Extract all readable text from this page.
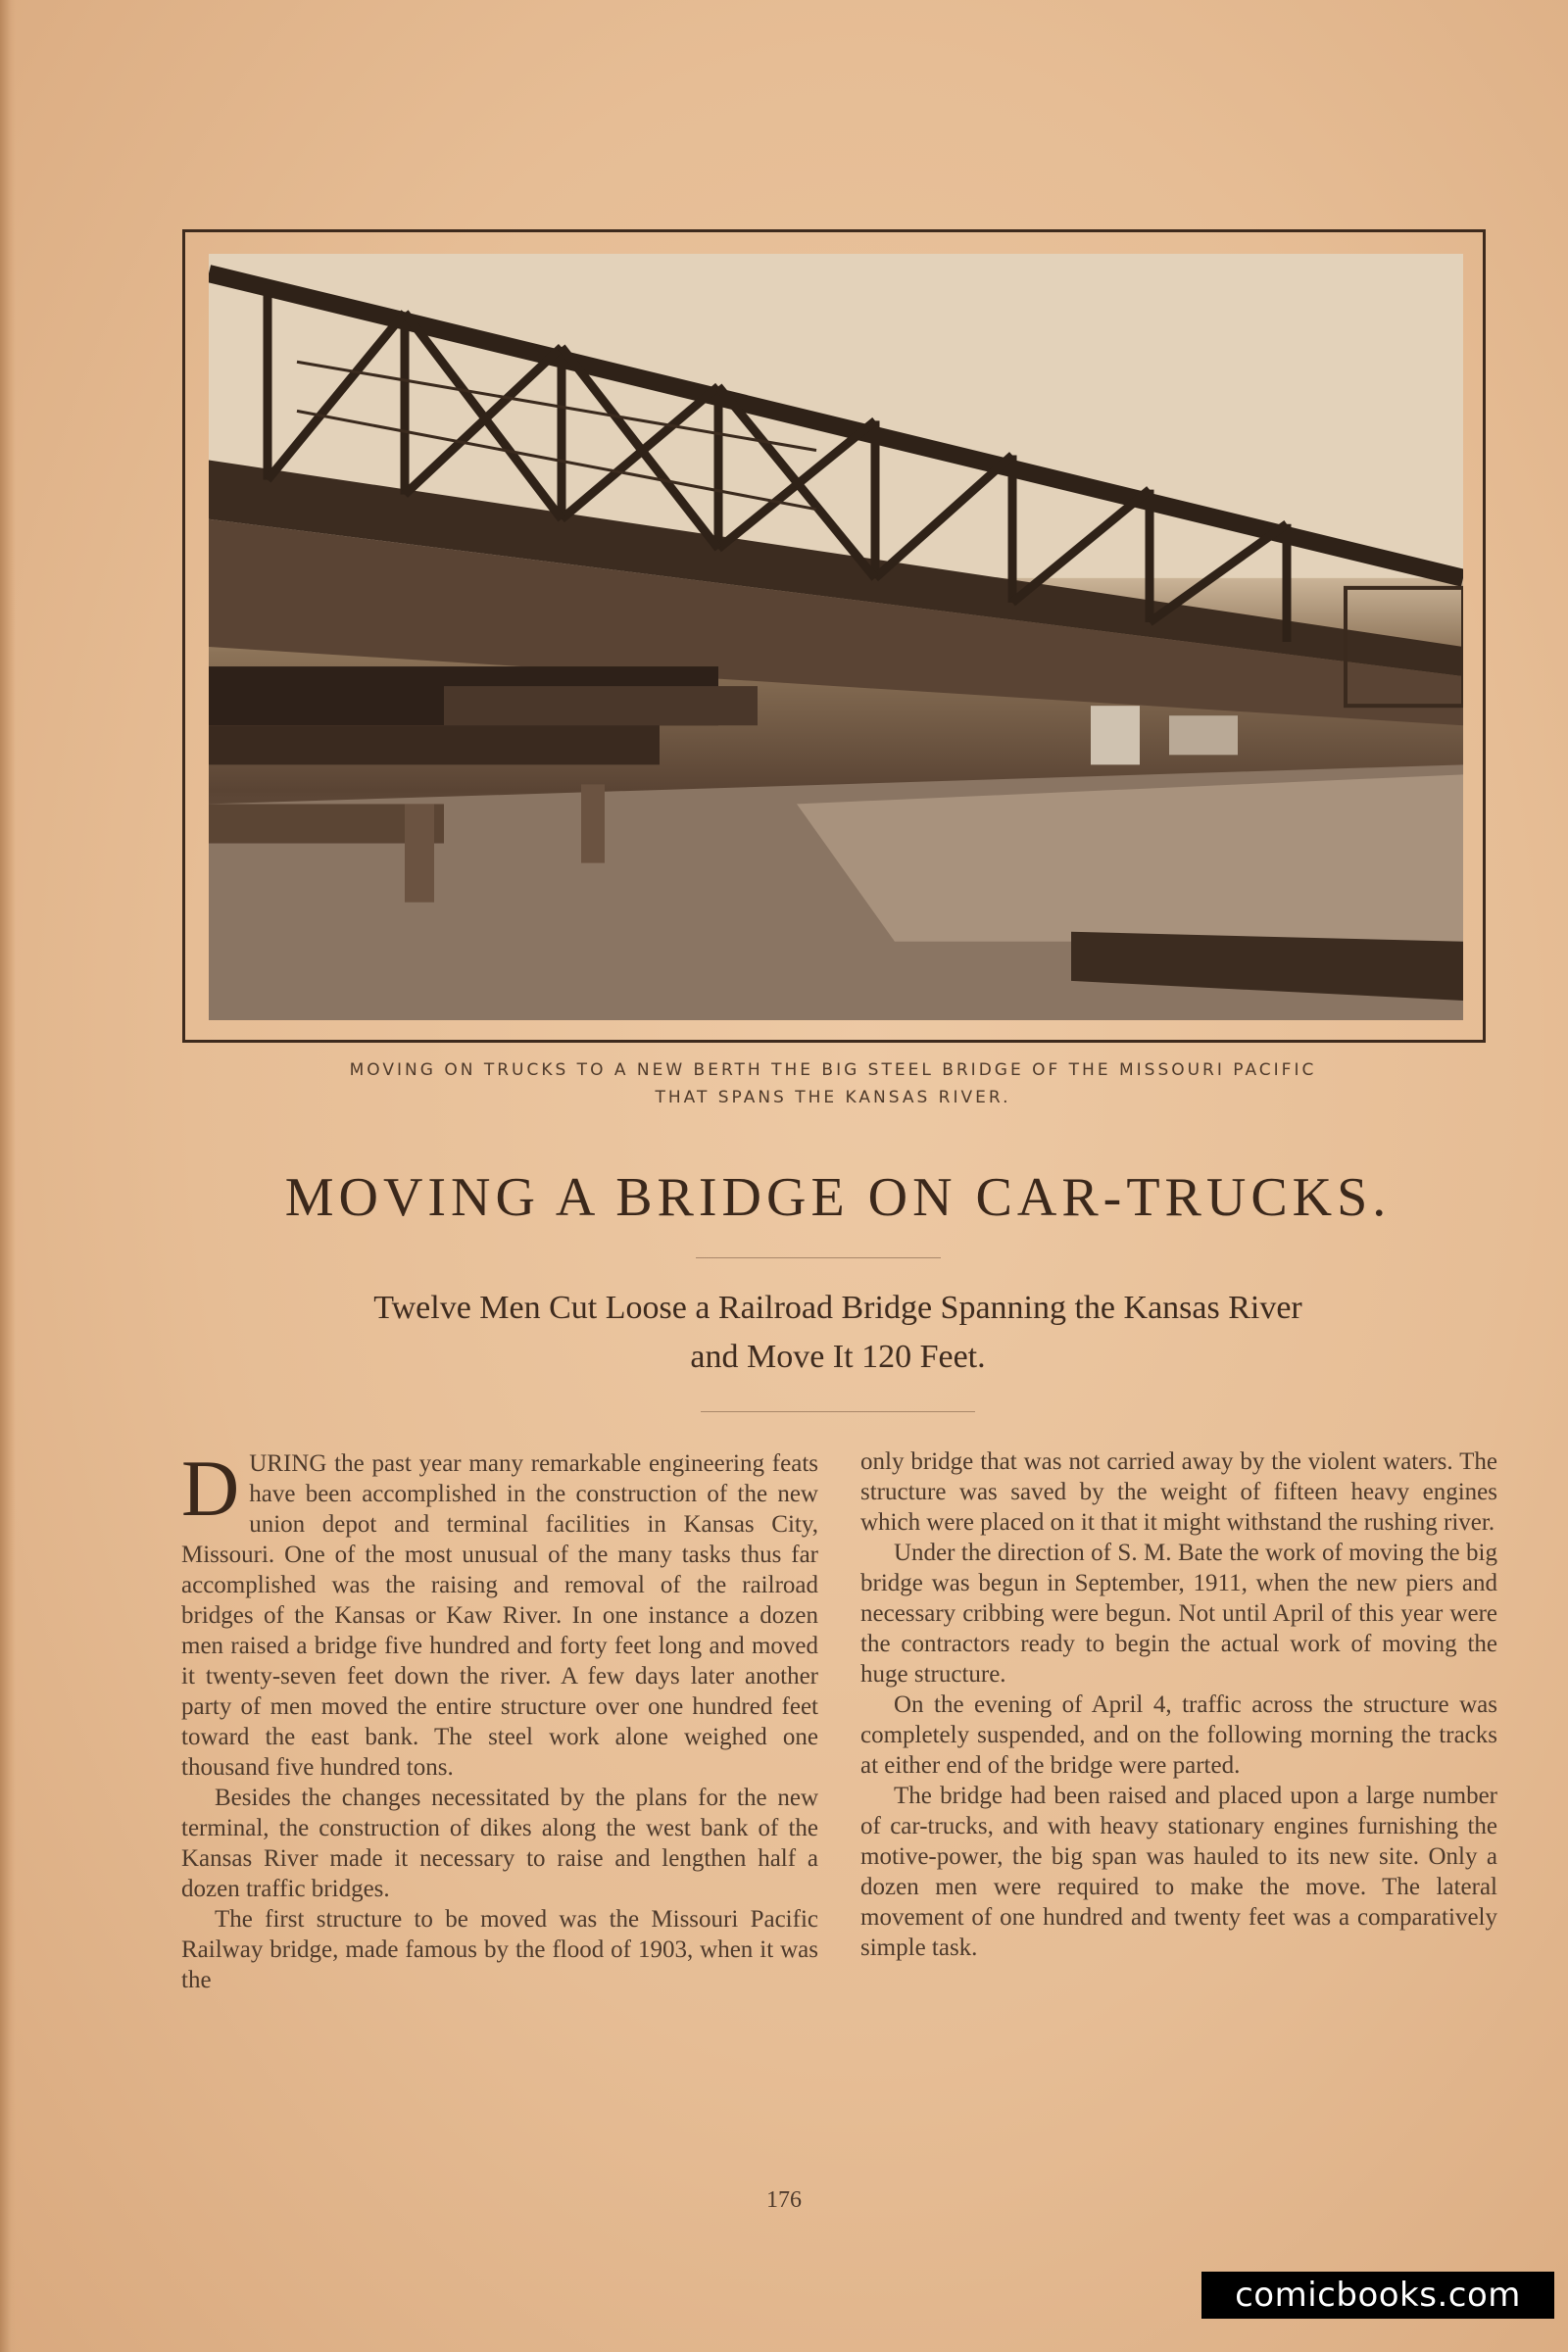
MOVING ON TRUCKS TO A NEW BERTH THE BIG STEEL BRIDGE OF THE MISSOURI PACIFIC
THAT SPANS THE KANSAS RIVER.
MOVING A BRIDGE ON CAR-TRUCKS.
Twelve Men Cut Loose a Railroad Bridge Spanning the Kansas River
and Move It 120 Feet.

DURING the past year many remarkable engineering feats have been accomplished in the construction of the new union depot and terminal facilities in Kansas City, Missouri. One of the most unusual of the many tasks thus far accomplished was the raising and removal of the railroad bridges of the Kansas or Kaw River. In one instance a dozen men raised a bridge five hundred and forty feet long and moved it twenty-seven feet down the river. A few days later another party of men moved the entire structure over one hundred feet toward the east bank. The steel work alone weighed one thousand five hundred tons.

Besides the changes necessitated by the plans for the new terminal, the construction of dikes along the west bank of the Kansas River made it necessary to raise and lengthen half a dozen traffic bridges.

The first structure to be moved was the Missouri Pacific Railway bridge, made famous by the flood of 1903, when it was the

only bridge that was not carried away by the violent waters. The structure was saved by the weight of fifteen heavy engines which were placed on it that it might withstand the rushing river.

Under the direction of S. M. Bate the work of moving the big bridge was begun in September, 1911, when the new piers and necessary cribbing were begun. Not until April of this year were the contractors ready to begin the actual work of moving the huge structure.

On the evening of April 4, traffic across the structure was completely suspended, and on the following morning the tracks at either end of the bridge were parted.

The bridge had been raised and placed upon a large number of car-trucks, and with heavy stationary engines furnishing the motive-power, the big span was hauled to its new site. Only a dozen men were required to make the move. The lateral movement of one hundred and twenty feet was a comparatively simple task.

176
comicbooks.com
